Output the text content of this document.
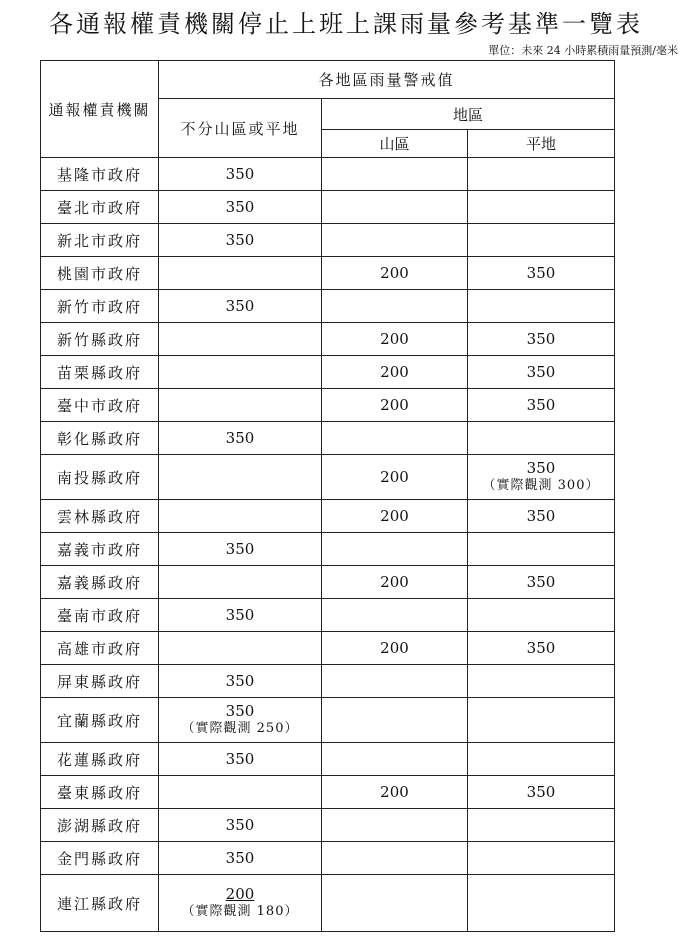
各通報權責機關停止上班上課雨量參考基準一覽表
單位：未來 24 小時累積雨量預測/毫米
通報權責機關	各地區雨量警戒值		
	不分山區或平地	地區	
		山區	平地
基隆市政府	350		

臺北市政府	350		

新北市政府	350		

桃園市政府		200	350

新竹市政府	350		

新竹縣政府		200	350

苗栗縣政府		200	350

臺中市政府		200	350

彰化縣政府	350		

南投縣政府		200	350
（實際觀測 300）

雲林縣政府		200	350

嘉義市政府	350		

嘉義縣政府		200	350

臺南市政府	350		

高雄市政府		200	350

屏東縣政府	350		

宜蘭縣政府	350
（實際觀測 250）		

花蓮縣政府	350		

臺東縣政府		200	350

澎湖縣政府	350		

金門縣政府	350		

連江縣政府	200
（實際觀測 180）		
